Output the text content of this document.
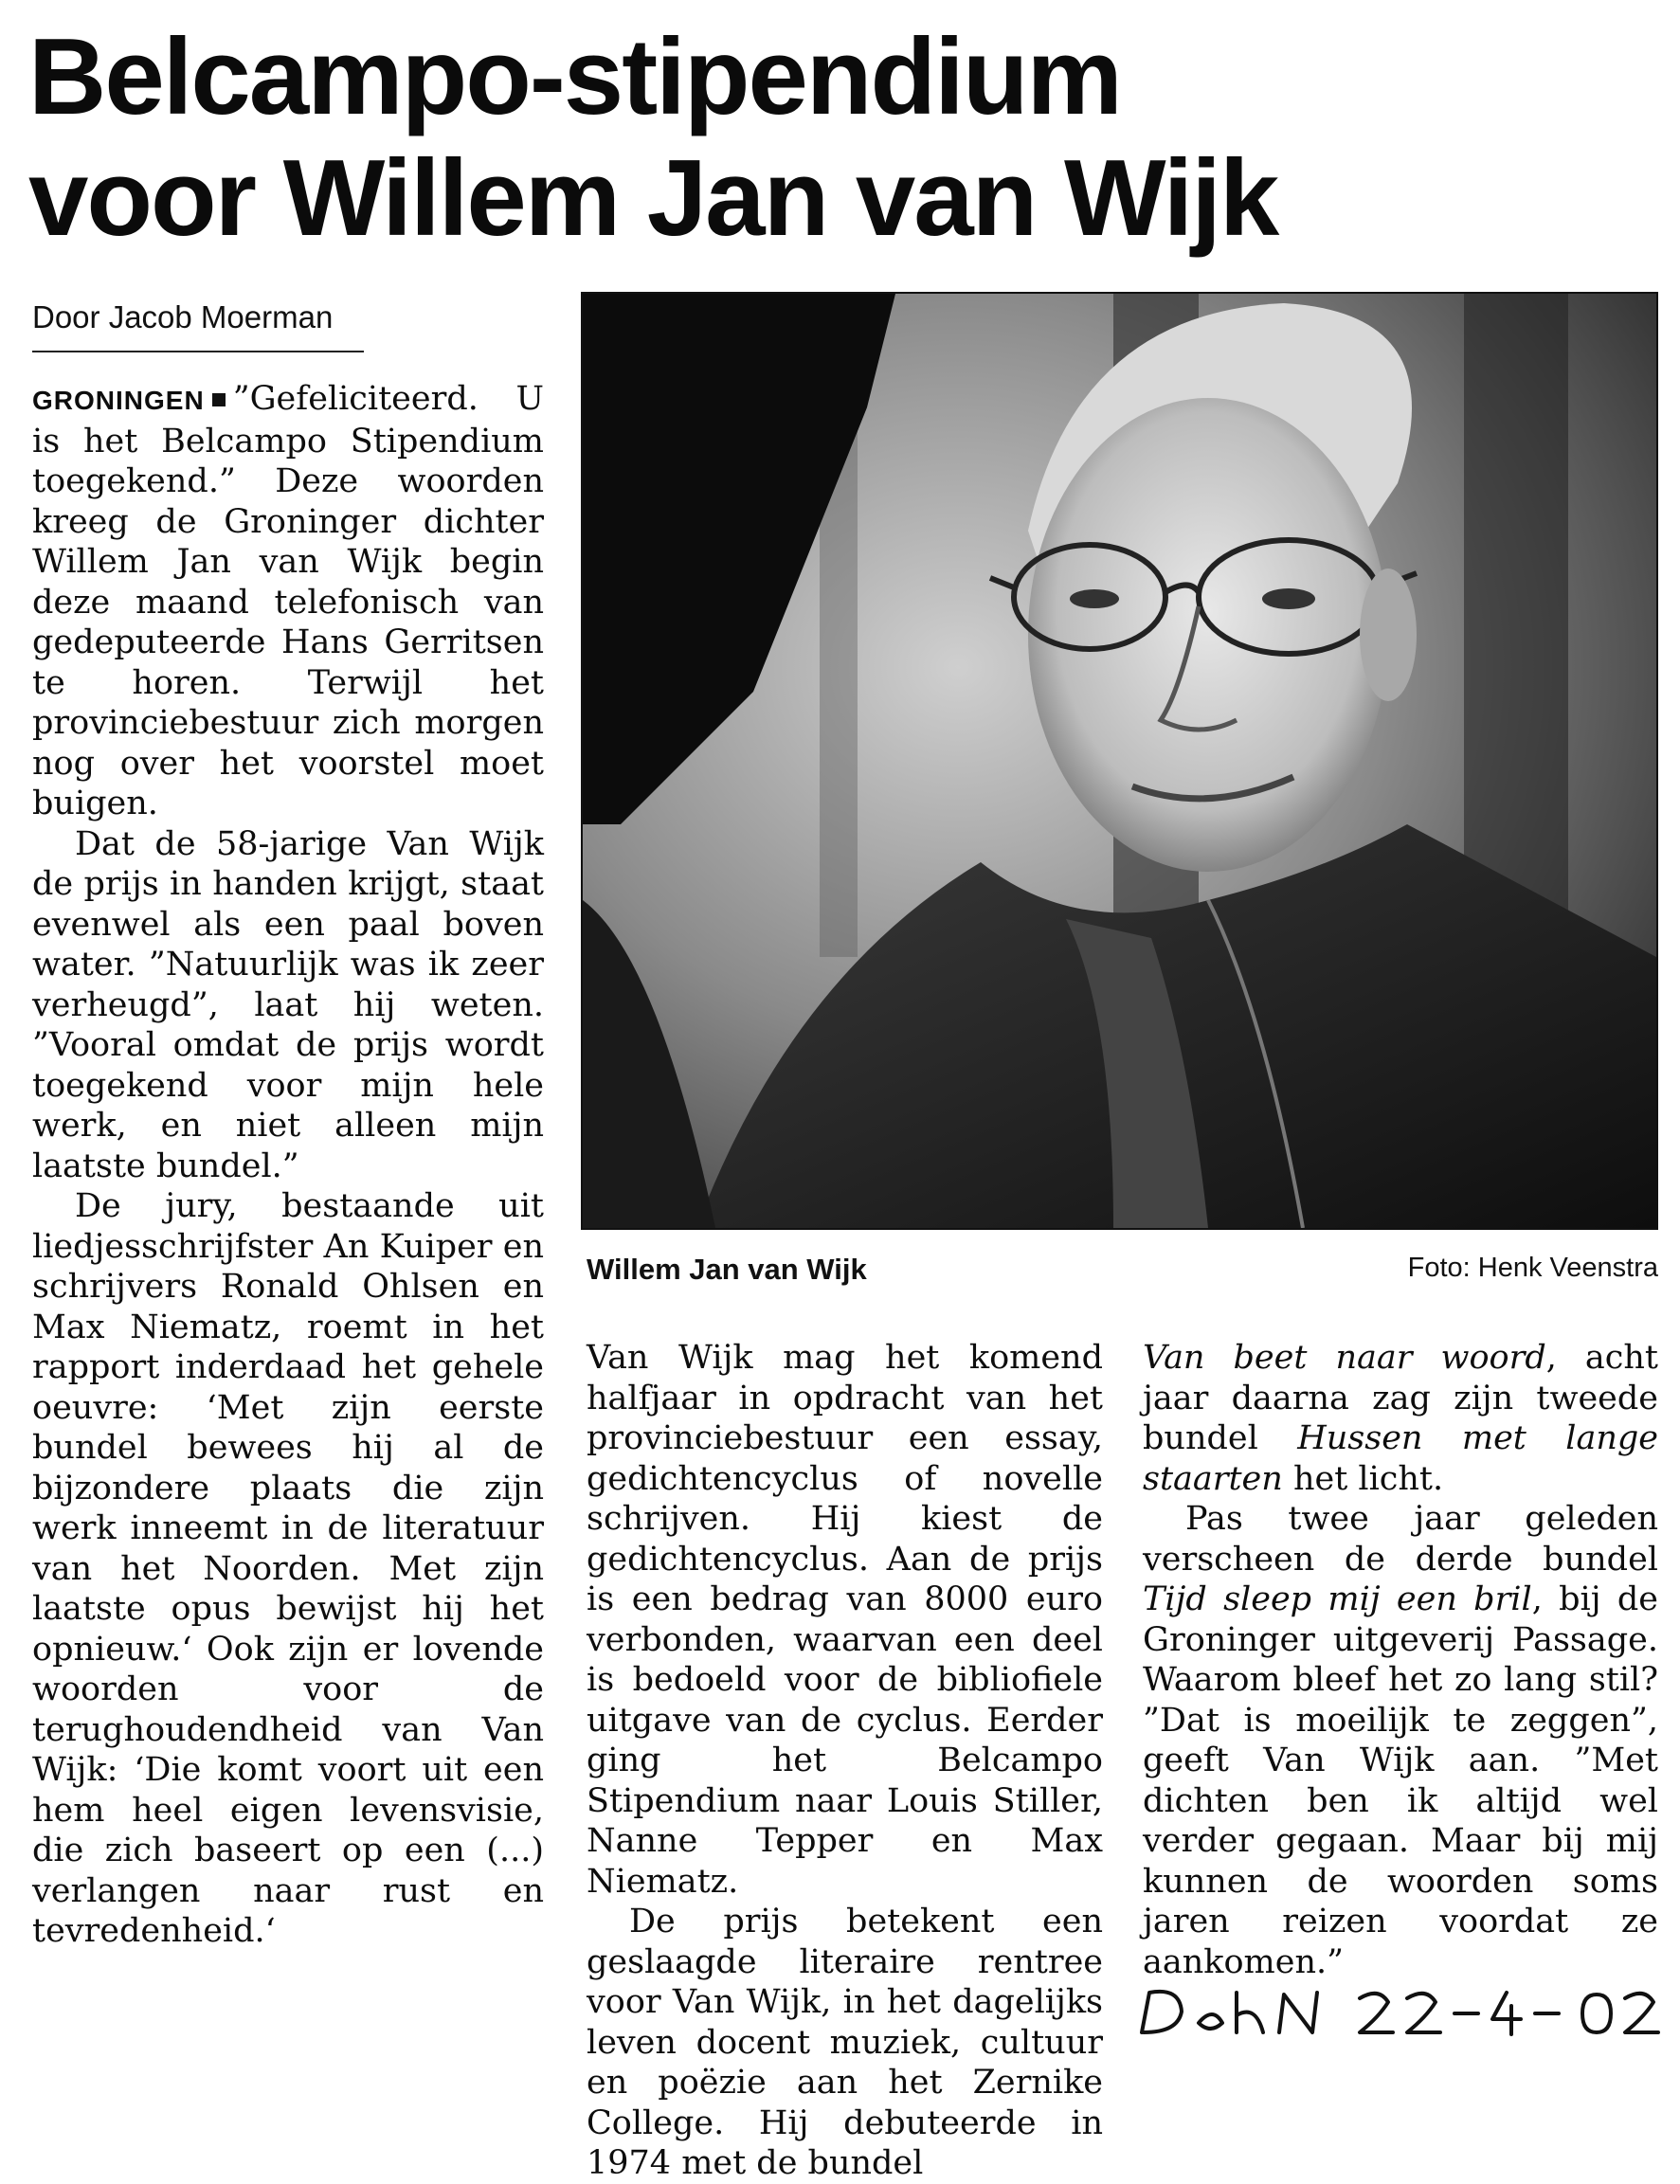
Belcampo-stipendium
voor Willem Jan van Wijk
Door Jacob Moerman

GRONINGEN ”Gefeliciteerd. U is het Belcampo Stipendium toegekend.” Deze woorden kreeg de Groninger dichter Willem Jan van Wijk begin deze maand telefonisch van gedeputeerde Hans Gerritsen te horen. Terwijl het provinciebestuur zich morgen nog over het voorstel moet buigen.

Dat de 58-jarige Van Wijk de prijs in handen krijgt, staat evenwel als een paal boven water. ”Natuurlijk was ik zeer verheugd”, laat hij weten. ”Vooral omdat de prijs wordt toegekend voor mijn hele werk, en niet alleen mijn laatste bundel.”

De jury, bestaande uit liedjesschrijfster An Kuiper en schrijvers Ronald Ohlsen en Max Niematz, roemt in het rapport inderdaad het gehele oeuvre: ‘Met zijn eerste bundel bewees hij al de bijzondere plaats die zijn werk inneemt in de literatuur van het Noorden. Met zijn laatste opus bewijst hij het opnieuw.‘ Ook zijn er lovende woorden voor de terughoudendheid van Van Wijk: ‘Die komt voort uit een hem heel eigen levensvisie, die zich baseert op een (...) verlangen naar rust en tevredenheid.‘

Willem Jan van Wijk	Foto: Henk Veenstra

Van Wijk mag het komend halfjaar in opdracht van het provinciebestuur een essay, gedichtencyclus of novelle schrijven. Hij kiest de gedichtencyclus. Aan de prijs is een bedrag van 8000 euro verbonden, waarvan een deel is bedoeld voor de bibliofiele uitgave van de cyclus. Eerder ging het Belcampo Stipendium naar Louis Stiller, Nanne Tepper en Max Niematz.

De prijs betekent een geslaagde literaire rentree voor Van Wijk, in het dagelijks leven docent muziek, cultuur en poëzie aan het Zernike College. Hij debuteerde in 1974 met de bundel

Van beet naar woord, acht jaar daarna zag zijn tweede bundel Hussen met lange staarten het licht.

Pas twee jaar geleden verscheen de derde bundel Tijd sleep mij een bril, bij de Groninger uitgeverij Passage. Waarom bleef het zo lang stil? ”Dat is moeilijk te zeggen”, geeft Van Wijk aan. ”Met dichten ben ik altijd wel verder gegaan. Maar bij mij kunnen de woorden soms jaren reizen voordat ze aankomen.”
